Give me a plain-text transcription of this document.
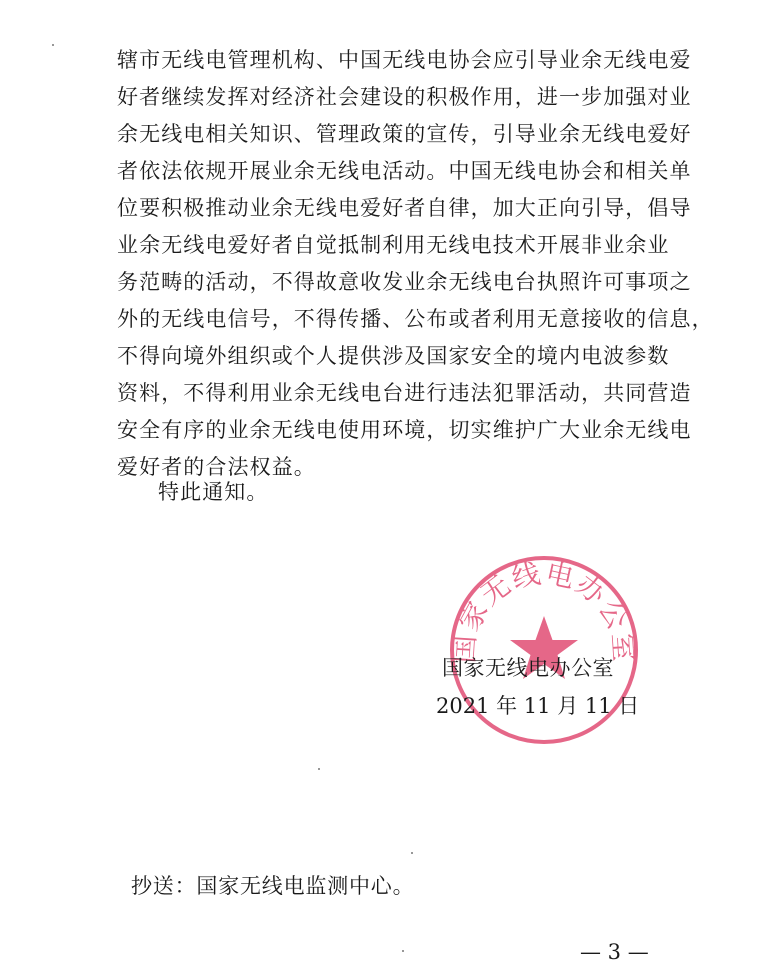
辖市无线电管理机构、中国无线电协会应引导业余无线电爱
好者继续发挥对经济社会建设的积极作用，进一步加强对业
余无线电相关知识、管理政策的宣传，引导业余无线电爱好
者依法依规开展业余无线电活动。中国无线电协会和相关单
位要积极推动业余无线电爱好者自律，加大正向引导，倡导
业余无线电爱好者自觉抵制利用无线电技术开展非业余业
务范畴的活动，不得故意收发业余无线电台执照许可事项之
外的无线电信号，不得传播、公布或者利用无意接收的信息，
不得向境外组织或个人提供涉及国家安全的境内电波参数
资料，不得利用业余无线电台进行违法犯罪活动，共同营造
安全有序的业余无线电使用环境，切实维护广大业余无线电
爱好者的合法权益。
特此通知。
国家无线电办公室
国家无线电办公室
2021 年 11 月 11 日
抄送：国家无线电监测中心。
— 3 —
